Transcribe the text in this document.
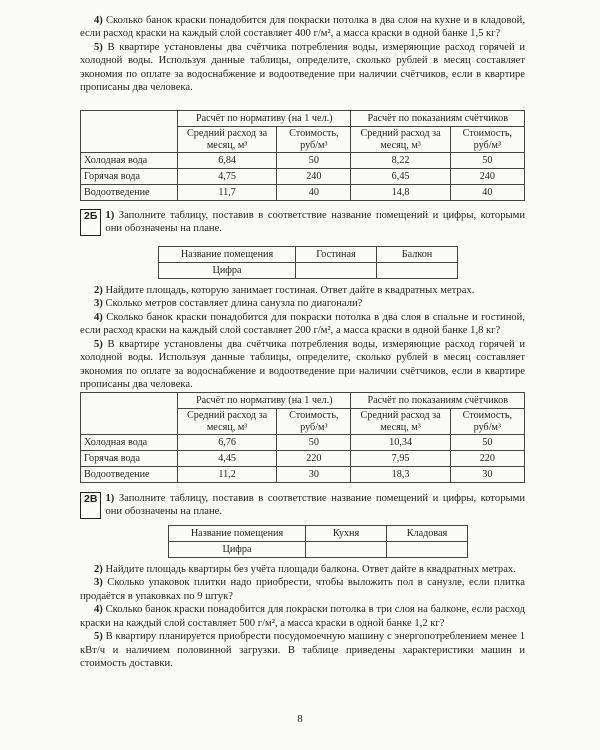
4) Сколько банок краски понадобится для покраски потолка в два слоя на кухне и в кладовой, если расход краски на каждый слой составляет 400 г/м², а масса краски в одной банке 1,5 кг?

5) В квартире установлены два счётчика потребления воды, измеряющие расход горячей и холодной воды. Используя данные таблицы, определите, сколько рублей в месяц составляет экономия по оплате за водоснабжение и водоотведение при наличии счётчиков, если в квартире прописаны два человека.

	Расчёт по нормативу (на 1 чел.)		Расчёт по показаниям счётчиков	
	Средний расход за месяц, м³	Стоимость, руб/м³	Средний расход за месяц, м³	Стоимость, руб/м³
Холодная вода	6,84	50	8,22	50
Горячая вода	4,75	240	6,45	240
Водоотведение	11,7	40	14,8	40
2Б 1) Заполните таблицу, поставив в соответствие название помещений и цифры, которыми они обозначены на плане.

Название помещения	Гостиная	Балкон
Цифра		

2) Найдите площадь, которую занимает гостиная. Ответ дайте в квадратных метрах.

3) Сколько метров составляет длина санузла по диагонали?

4) Сколько банок краски понадобится для покраски потолка в два слоя в спальне и гостиной, если расход краски на каждый слой составляет 200 г/м², а масса краски в одной банке 1,8 кг?

5) В квартире установлены два счётчика потребления воды, измеряющие расход горячей и холодной воды. Используя данные таблицы, определите, сколько рублей в месяц составляет экономия по оплате за водоснабжение и водоотведение при наличии счётчиков, если в квартире прописаны два человека.

	Расчёт по нормативу (на 1 чел.)		Расчёт по показаниям счётчиков	
	Средний расход за месяц, м³	Стоимость, руб/м³	Средний расход за месяц, м³	Стоимость, руб/м³
Холодная вода	6,76	50	10,34	50
Горячая вода	4,45	220	7,95	220
Водоотведение	11,2	30	18,3	30
2В 1) Заполните таблицу, поставив в соответствие название помещений и цифры, которыми они обозначены на плане.

Название помещения	Кухня	Кладовая
Цифра		

2) Найдите площадь квартиры без учёта площади балкона. Ответ дайте в квадратных метрах.

3) Сколько упаковок плитки надо приобрести, чтобы выложить пол в санузле, если плитка продаётся в упаковках по 9 штук?

4) Сколько банок краски понадобится для покраски потолка в три слоя на балконе, если расход краски на каждый слой составляет 500 г/м², а масса краски в одной банке 1,2 кг?

5) В квартиру планируется приобрести посудомоечную машину с энергопотреблением менее 1 кВт/ч и наличием половинной загрузки. В таблице приведены характеристики машин и стоимость доставки.

8
